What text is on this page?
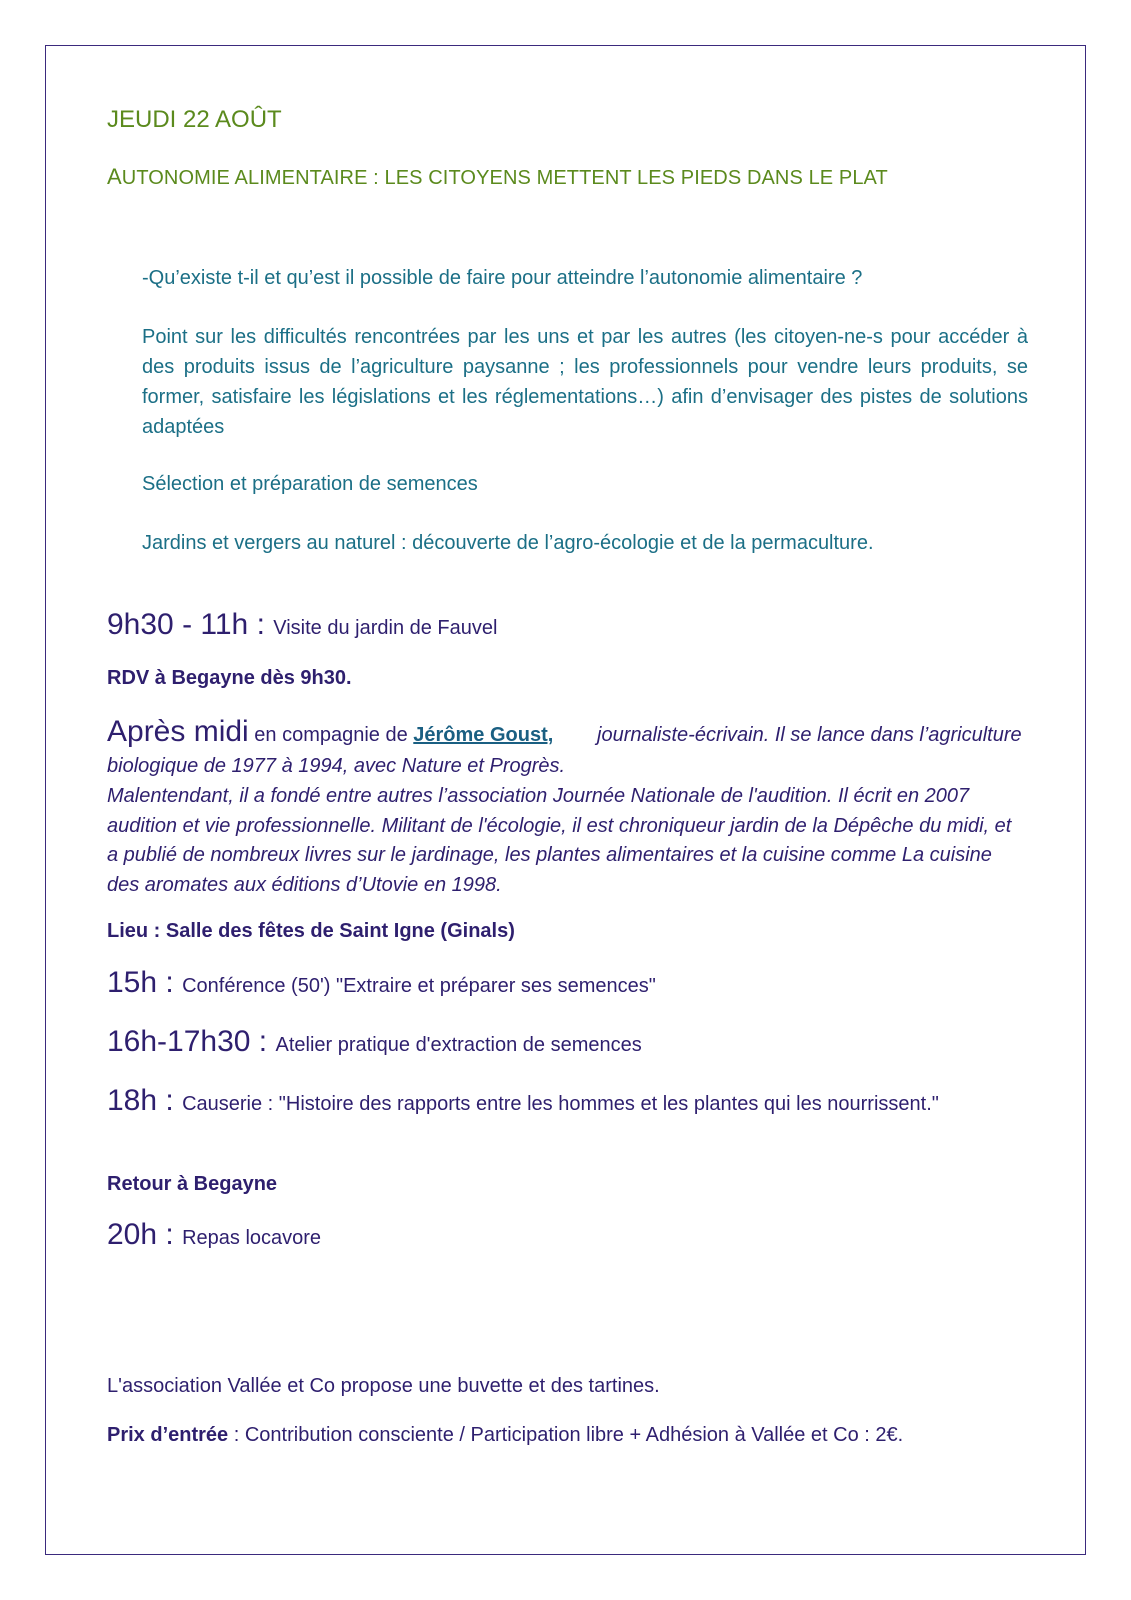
JEUDI 22 AOÛT
AUTONOMIE ALIMENTAIRE : LES CITOYENS METTENT LES PIEDS DANS LE PLAT

-Qu’existe t-il et qu’est il possible de faire pour atteindre l’autonomie alimentaire ?

Point sur les difficultés rencontrées par les uns et par les autres (les citoyen-ne-s pour accéder à des produits issus de l’agriculture paysanne ; les professionnels pour vendre leurs produits, se former, satisfaire les législations et les réglementations…) afin d’envisager des pistes de solutions adaptées

Sélection et préparation de semences

Jardins et vergers au naturel : découverte de l’agro-écologie et de la permaculture.

9h30 - 11h : Visite du jardin de Fauvel
RDV à Begayne dès 9h30.
Après midi en compagnie de Jérôme Goust,	journaliste-écrivain. Il se lance dans l’agriculture biologique de 1977 à 1994, avec Nature et Progrès.

Malentendant, il a fondé entre autres l’association Journée Nationale de l'audition. Il écrit en 2007 audition et vie professionnelle. Militant de l'écologie, il est chroniqueur jardin de la Dépêche du midi, et a publié de nombreux livres sur le jardinage, les plantes alimentaires et la cuisine comme La cuisine des aromates aux éditions d’Utovie en 1998.

Lieu : Salle des fêtes de Saint Igne (Ginals)
15h : Conférence (50') "Extraire et préparer ses semences"
16h-17h30 : Atelier pratique d'extraction de semences
18h : Causerie : "Histoire des rapports entre les hommes et les plantes qui les nourrissent."
Retour à Begayne
20h : Repas locavore
L'association Vallée et Co propose une buvette et des tartines.
Prix d’entrée : Contribution consciente / Participation libre + Adhésion à Vallée et Co : 2€.
